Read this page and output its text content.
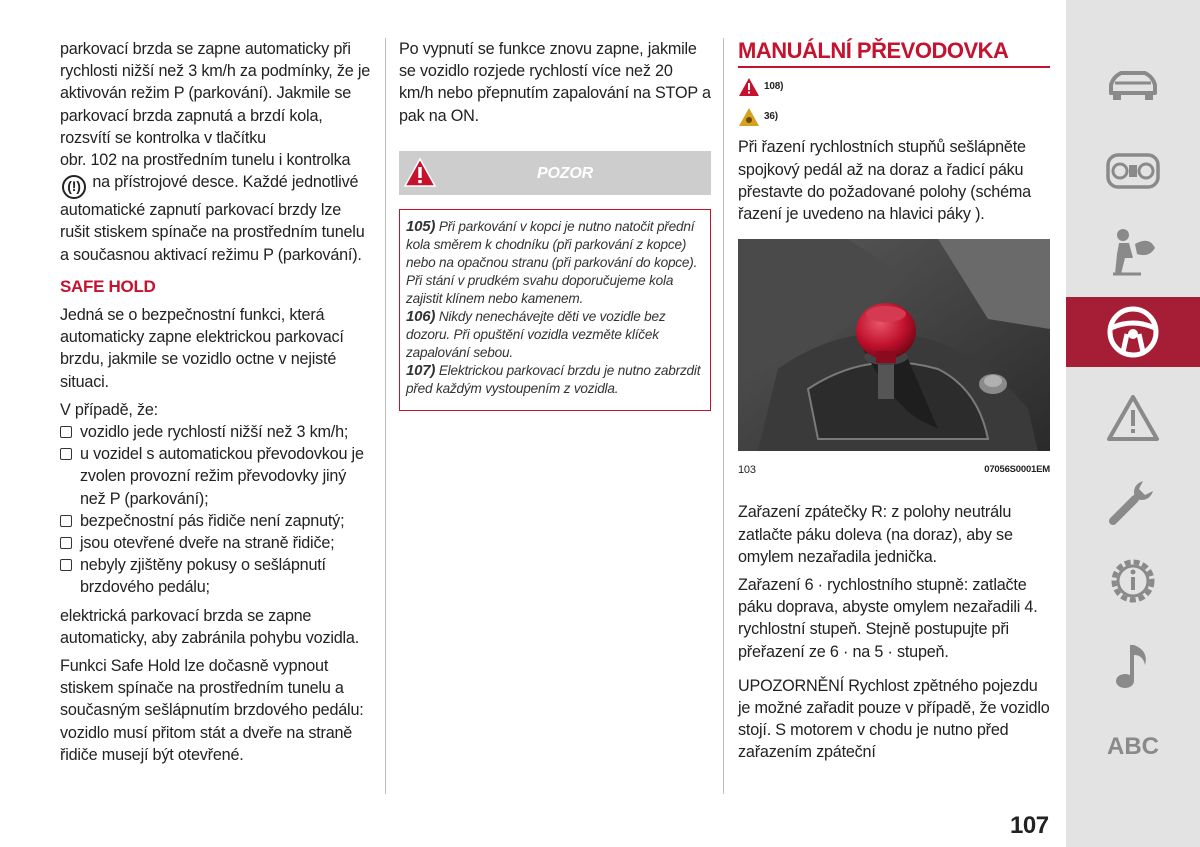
parkovací brzda se zapne automaticky při rychlosti nižší než 3 km/h za podmínky, že je aktivován režim P (parkování). Jakmile se parkovací brzda zapnutá a brzdí kola, rozsvítí se kontrolka v tlačítku

obr. 102 na prostředním tunelu i kontrolka (!) na přístrojové desce. Každé jednotlivé automatické zapnutí parkovací brzdy lze rušit stiskem spínače na prostředním tunelu a současnou aktivací režimu P (parkování).

SAFE HOLD

Jedná se o bezpečnostní funkci, která automaticky zapne elektrickou parkovací brzdu, jakmile se vozidlo octne v nejisté situaci.

V případě, že:

vozidlo jede rychlostí nižší než 3 km/h;
u vozidel s automatickou převodovkou je zvolen provozní režim převodovky jiný než P (parkování);
bezpečnostní pás řidiče není zapnutý;
jsou otevřené dveře na straně řidiče;
nebyly zjištěny pokusy o sešlápnutí brzdového pedálu;

elektrická parkovací brzda se zapne automaticky, aby zabránila pohybu vozidla.

Funkci Safe Hold lze dočasně vypnout stiskem spínače na prostředním tunelu a současným sešlápnutím brzdového pedálu: vozidlo musí přitom stát a dveře na straně řidiče musejí být otevřené.

Po vypnutí se funkce znovu zapne, jakmile se vozidlo rozjede rychlostí více než 20 km/h nebo přepnutím zapalování na STOP a pak na ON.

POZOR

105) Při parkování v kopci je nutno natočit přední kola směrem k chodníku (při parkování z kopce) nebo na opačnou stranu (při parkování do kopce). Při stání v prudkém svahu doporučujeme kola zajistit klínem nebo kamenem.

106) Nikdy nenechávejte děti ve vozidle bez dozoru. Při opuštění vozidla vezměte klíček zapalování sebou.

107) Elektrickou parkovací brzdu je nutno zabrzdit před každým vystoupením z vozidla.

MANUÁLNÍ PŘEVODOVKA
108)
36)

Při řazení rychlostních stupňů sešlápněte spojkový pedál až na doraz a řadicí páku přestavte do požadované polohy (schéma řazení je uvedeno na hlavici páky ).

103	07056S0001EM

Zařazení zpátečky R: z polohy neutrálu zatlačte páku doleva (na doraz), aby se omylem nezařadila jednička.

Zařazení 6 · rychlostního stupně: zatlačte páku doprava, abyste omylem nezařadili 4. rychlostní stupeň. Stejně postupujte při přeřazení ze 6 · na 5 · stupeň.

UPOZORNĚNÍ Rychlost zpětného pojezdu je možné zařadit pouze v případě, že vozidlo stojí. S motorem v chodu je nutno před zařazením zpáteční	ABC
107
